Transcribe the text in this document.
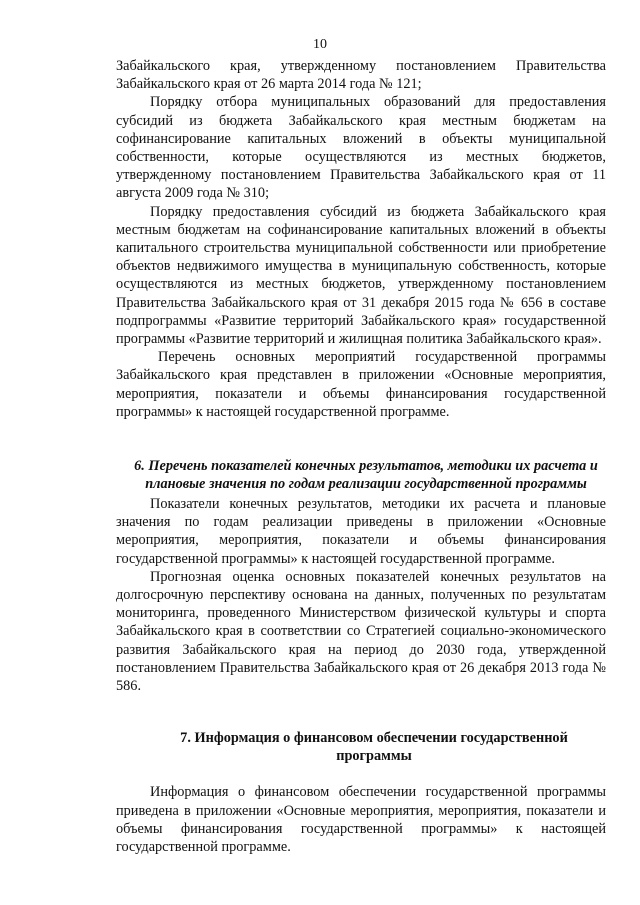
10

Забайкальского края, утвержденному постановлением Правительства Забайкальского края от 26 марта 2014 года № 121;

Порядку отбора муниципальных образований для предоставления субсидий из бюджета Забайкальского края местным бюджетам на софинансирование капитальных вложений в объекты муниципальной собственности, которые осуществляются из местных бюджетов, утвержденному постановлением Правительства Забайкальского края от 11 августа 2009 года № 310;

Порядку предоставления субсидий из бюджета Забайкальского края местным бюджетам на софинансирование капитальных вложений в объекты капитального строительства муниципальной собственности или приобретение объектов недвижимого имущества в муниципальную собственность, которые осуществляются из местных бюджетов, утвержденному постановлением Правительства Забайкальского края от 31 декабря 2015 года № 656 в составе подпрограммы «Развитие территорий Забайкальского края» государственной программы «Развитие территорий и жилищная политика Забайкальского края».

Перечень основных мероприятий государственной программы Забайкальского края представлен в приложении «Основные мероприятия, мероприятия, показатели и объемы финансирования государственной программы» к настоящей государственной программе.

6. Перечень показателей конечных результатов, методики их расчета и плановые значения по годам реализации государственной программы

Показатели конечных результатов, методики их расчета и плановые значения по годам реализации приведены в приложении «Основные мероприятия, мероприятия, показатели и объемы финансирования государственной программы» к настоящей государственной программе.

Прогнозная оценка основных показателей конечных результатов на долгосрочную перспективу основана на данных, полученных по результатам мониторинга, проведенного Министерством физической культуры и спорта Забайкальского края в соответствии со Стратегией социально-экономического развития Забайкальского края на период до 2030 года, утвержденной постановлением Правительства Забайкальского края от 26 декабря 2013 года № 586.

7. Информация о финансовом обеспечении государственной программы

Информация о финансовом обеспечении государственной программы приведена в приложении «Основные мероприятия, мероприятия, показатели и объемы финансирования государственной программы» к настоящей государственной программе.
